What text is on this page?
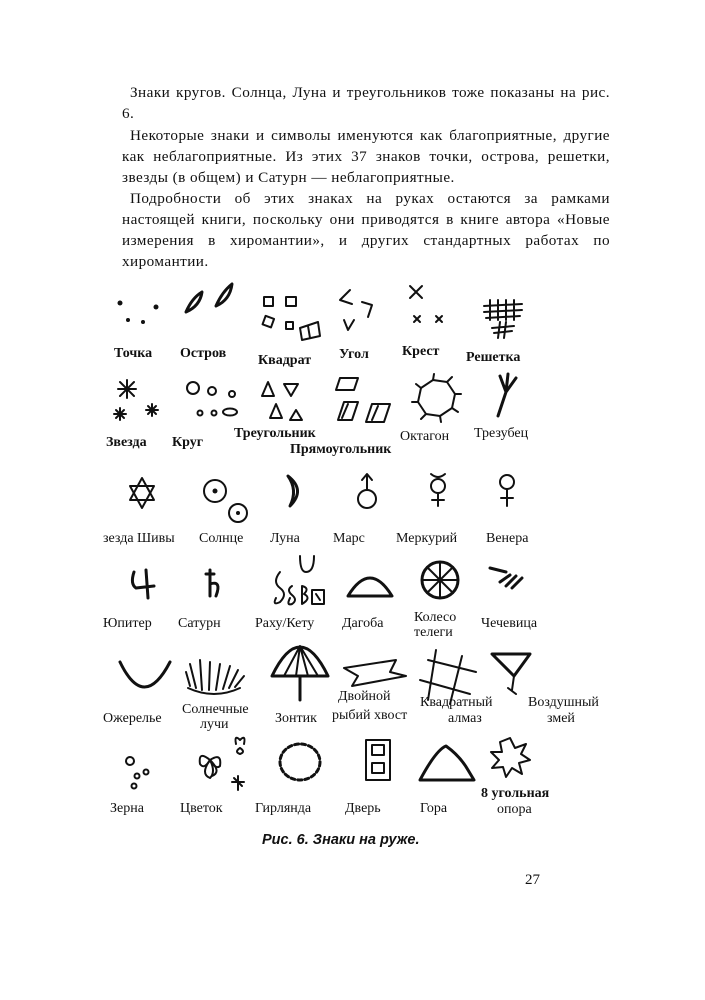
Знаки кругов. Солнца, Луна и треугольников тоже показаны на рис. 6.

Некоторые знаки и символы именуются как благоприятные, другие как неблагоприятные. Из этих 37 знаков точки, острова, решетки, звезды (в общем) и Сатурн — неблагоприятные.

Подробности об этих знаках на руках остаются за рамками настоящей книги, поскольку они приводятся в книге автора «Новые измерения в хиромантии», и других стандартных работах по хиромантии.

Точка Остров Квадрат Угол Крест Решетка
Звезда Круг
Треугольник
Прямоугольник
Октагон Трезубец
зезда Шивы Солнце Луна Марс Меркурий Венера
Юпитер Сатурн Раху/Кету Дагоба Колесо
телеги
Чечевица
Ожерелье
Солнечные
лучи	Зонтик
Двойной
рыбий хвост
Квадратный
алмаз
Воздушный
змей
Зерна	Цветок Гирлянда Дверь	Гора
8 угольная
опора
Рис. 6. Знаки на руже.
27
